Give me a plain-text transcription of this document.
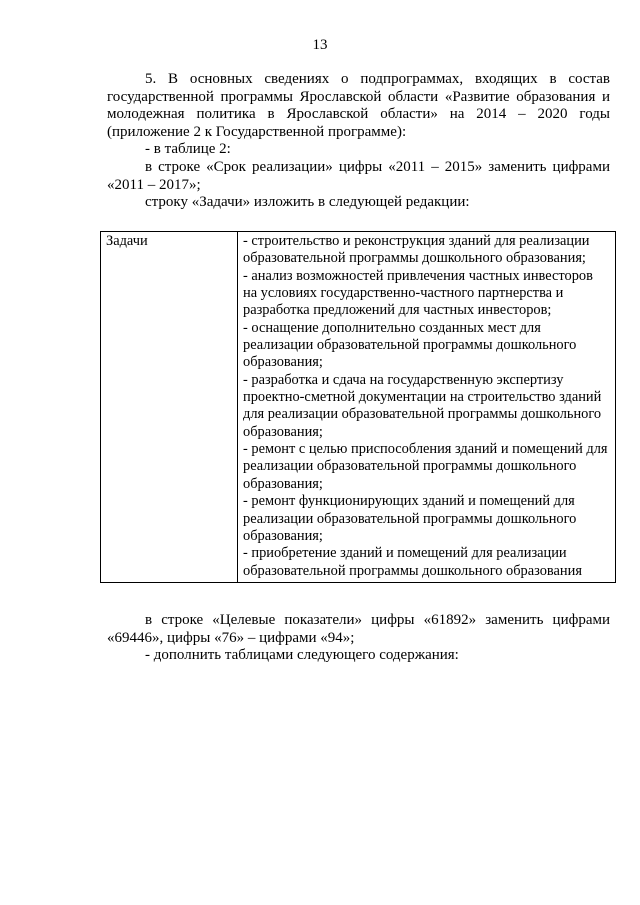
13

5. В основных сведениях о подпрограммах, входящих в состав государственной программы Ярославской области «Развитие образования и молодежная политика в Ярославской области» на 2014 – 2020 годы (приложение 2 к Государственной программе):

- в таблице 2:

в строке «Срок реализации» цифры «2011 – 2015» заменить цифрами «2011 – 2017»;

строку «Задачи» изложить в следующей редакции:

Задачи	- строительство и реконструкция зданий для реализации образовательной программы дошкольного образования;
- анализ возможностей привлечения частных инвесторов на условиях государственно-частного партнерства и разработка предложений для частных инвесторов;
- оснащение дополнительно созданных мест для реализации образовательной программы дошкольного образования;
- разработка и сдача на государственную экспертизу проектно-сметной документации на строительство зданий для реализации образовательной программы дошкольного образования;
- ремонт с целью приспособления зданий и помещений для реализации образовательной программы дошкольного образования;
- ремонт функционирующих зданий и помещений для реализации образовательной программы дошкольного образования;
- приобретение зданий и помещений для реализации образовательной программы дошкольного образования

в строке «Целевые показатели» цифры «61892» заменить цифрами «69446», цифры «76» – цифрами «94»;

- дополнить таблицами следующего содержания:
